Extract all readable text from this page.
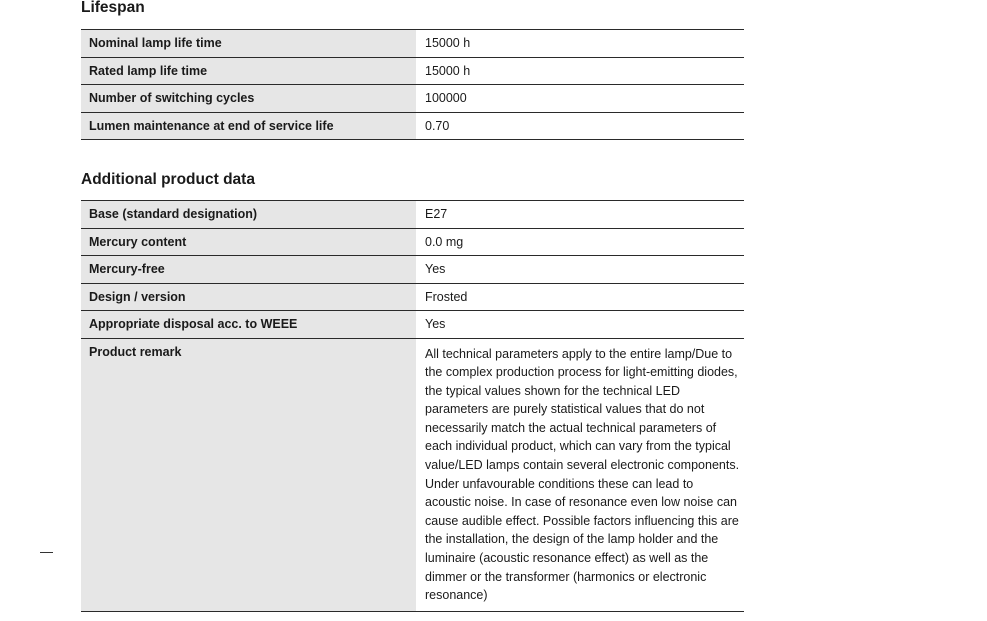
Lifespan
Nominal lamp life time		15000 h
Rated lamp life time		15000 h
Number of switching cycles		100000
Lumen maintenance at end of service life		0.70
Additional product data
Base (standard designation)		E27
Mercury content		0.0 mg
Mercury-free		Yes
Design / version		Frosted
Appropriate disposal acc. to WEEE		Yes
Product remark		All technical parameters apply to the entire lamp/Due to the complex production process for light-emitting diodes, the typical values shown for the technical LED parameters are purely statistical values that do not necessarily match the actual technical parameters of each individual product, which can vary from the typical value/LED lamps contain several electronic components. Under unfavourable conditions these can lead to acoustic noise. In case of resonance even low noise can cause audible effect. Possible factors influencing this are the installation, the design of the lamp holder and the luminaire (acoustic resonance effect) as well as the dimmer or the transformer (harmonics or electronic resonance)
